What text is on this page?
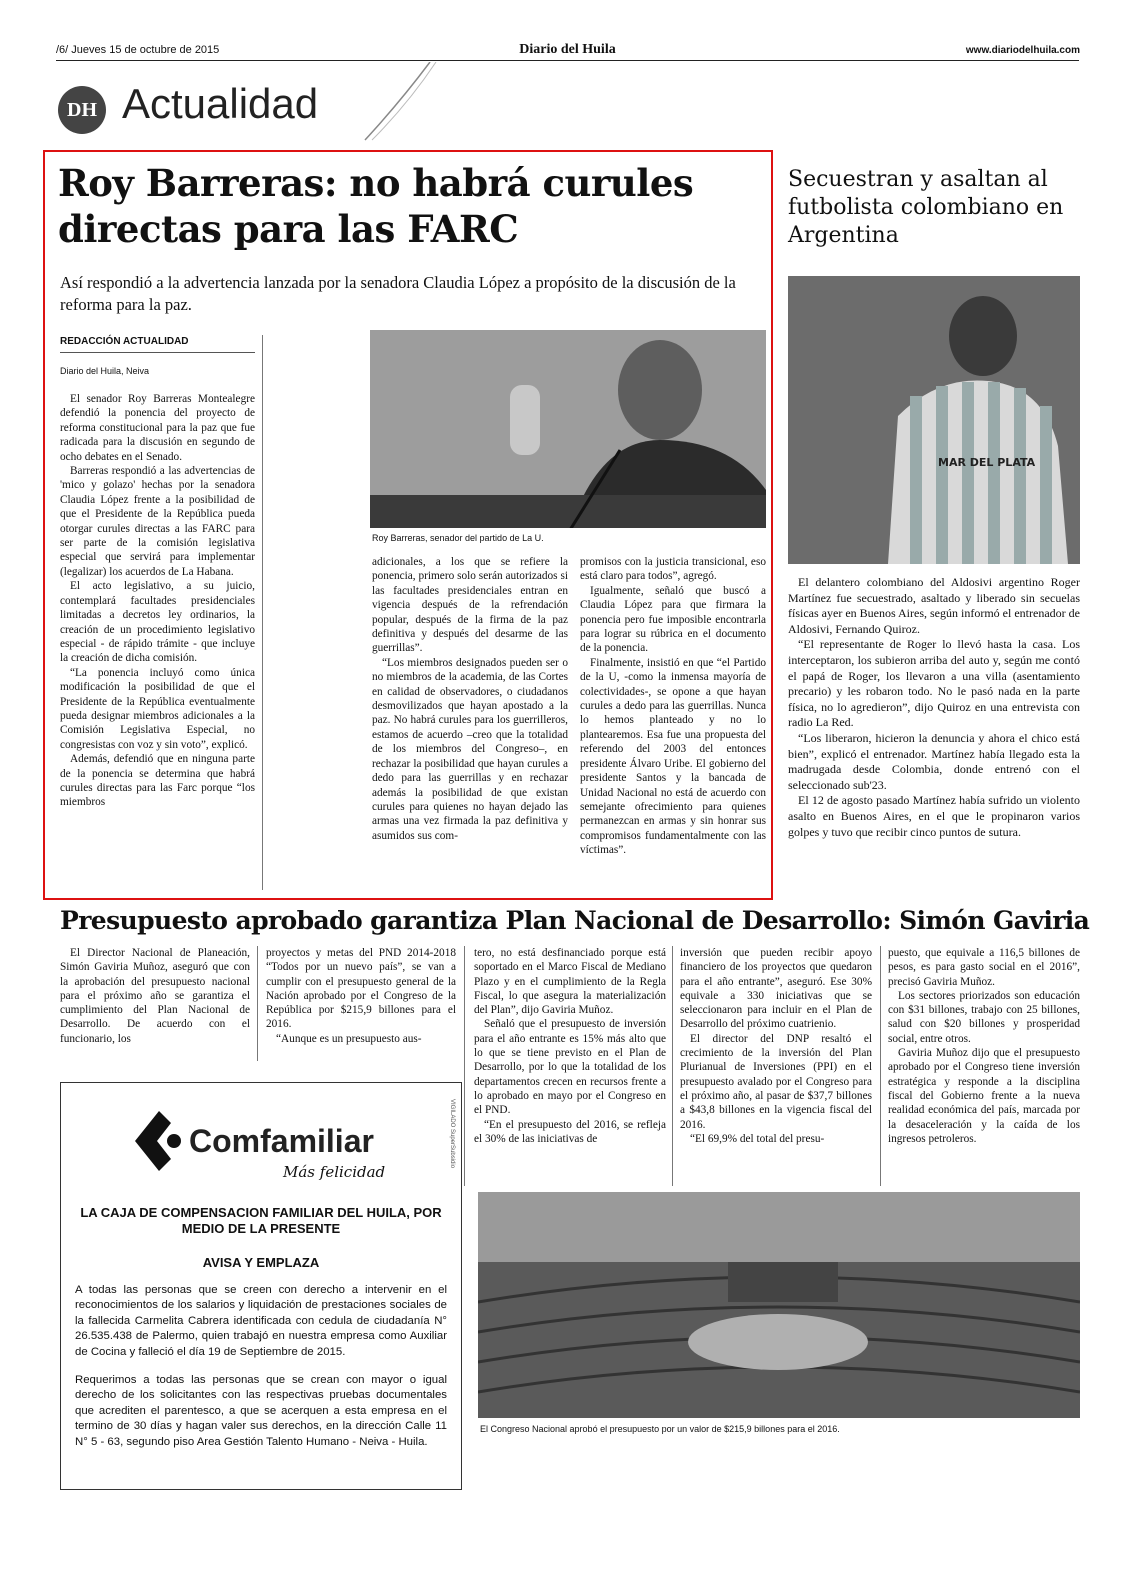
/6/ Jueves 15 de octubre de 2015	Diario del Huila	www.diariodelhuila.com
DH Actualidad
Roy Barreras: no habrá curules directas para las FARC
Así respondió a la advertencia lanzada por la senadora Claudia López a propósito de la discusión de la reforma para la paz.
REDACCIÓN ACTUALIDAD
Diario del Huila, Neiva

El senador Roy Barreras Montealegre defendió la ponencia del proyecto de reforma constitucional para la paz que fue radicada para la discusión en segundo de ocho debates en el Senado.

Barreras respondió a las advertencias de 'mico y golazo' hechas por la senadora Claudia López frente a la posibilidad de que el Presidente de la República pueda otorgar curules directas a las FARC para ser parte de la comisión legislativa especial que servirá para implementar (legalizar) los acuerdos de La Habana.

El acto legislativo, a su juicio, contemplará facultades presidenciales limitadas a decretos ley ordinarios, la creación de un procedimiento legislativo especial - de rápido trámite - que incluye la creación de dicha comisión.

“La ponencia incluyó como única modificación la posibilidad de que el Presidente de la República eventualmente pueda designar miembros adicionales a la Comisión Legislativa Especial, no congresistas con voz y sin voto”, explicó.

Además, defendió que en ninguna parte de la ponencia se determina que habrá curules directas para las Farc porque “los miembros

Roy Barreras, senador del partido de La U.

adicionales, a los que se refiere la ponencia, primero solo serán autorizados si las facultades presidenciales entran en vigencia después de la refrendación popular, después de la firma de la paz definitiva y después del desarme de las guerrillas”.

“Los miembros designados pueden ser o no miembros de la academia, de las Cortes en calidad de observadores, o ciudadanos desmovilizados que hayan apostado a la paz. No habrá curules para los guerrilleros, estamos de acuerdo –creo que la totalidad de los miembros del Congreso–, en rechazar la posibilidad que hayan curules a dedo para las guerrillas y en rechazar además la posibilidad de que existan curules para quienes no hayan dejado las armas una vez firmada la paz definitiva y asumidos sus com-

promisos con la justicia transicional, eso está claro para todos”, agregó.

Igualmente, señaló que buscó a Claudia López para que firmara la ponencia pero fue imposible encontrarla para lograr su rúbrica en el documento de la ponencia.

Finalmente, insistió en que “el Partido de la U, -como la inmensa mayoría de colectividades-, se opone a que hayan curules a dedo para las guerrillas. Nunca lo hemos planteado y no lo plantearemos. Esa fue una propuesta del referendo del 2003 del entonces presidente Álvaro Uribe. El gobierno del presidente Santos y la bancada de Unidad Nacional no está de acuerdo con semejante ofrecimiento para quienes permanezcan en armas y sin honrar sus compromisos fundamentalmente con las víctimas”.

Secuestran y asaltan al futbolista colombiano en Argentina
MAR DEL PLATA

El delantero colombiano del Aldosivi argentino Roger Martínez fue secuestrado, asaltado y liberado sin secuelas físicas ayer en Buenos Aires, según informó el entrenador de Aldosivi, Fernando Quiroz.

“El representante de Roger lo llevó hasta la casa. Los interceptaron, los subieron arriba del auto y, según me contó el papá de Roger, los llevaron a una villa (asentamiento precario) y les robaron todo. No le pasó nada en la parte física, no lo agredieron”, dijo Quiroz en una entrevista con radio La Red.

“Los liberaron, hicieron la denuncia y ahora el chico está bien”, explicó el entrenador. Martínez había llegado esta la madrugada desde Colombia, donde entrenó con el seleccionado sub'23.

El 12 de agosto pasado Martínez había sufrido un violento asalto en Buenos Aires, en el que le propinaron varios golpes y tuvo que recibir cinco puntos de sutura.

Presupuesto aprobado garantiza Plan Nacional de Desarrollo: Simón Gaviria

El Director Nacional de Planeación, Simón Gaviria Muñoz, aseguró que con la aprobación del presupuesto nacional para el próximo año se garantiza el cumplimiento del Plan Nacional de Desarrollo. De acuerdo con el funcionario, los

proyectos y metas del PND 2014-2018 “Todos por un nuevo país”, se van a cumplir con el presupuesto general de la Nación aprobado por el Congreso de la República por $215,9 billones para el 2016.

“Aunque es un presupuesto aus-

tero, no está desfinanciado porque está soportado en el Marco Fiscal de Mediano Plazo y en el cumplimiento de la Regla Fiscal, lo que asegura la materialización del Plan”, dijo Gaviria Muñoz.

Señaló que el presupuesto de inversión para el año entrante es 15% más alto que lo que se tiene previsto en el Plan de Desarrollo, por lo que la totalidad de los departamentos crecen en recursos frente a lo aprobado en mayo por el Congreso en el PND.

“En el presupuesto del 2016, se refleja el 30% de las iniciativas de

inversión que pueden recibir apoyo financiero de los proyectos que quedaron para el año entrante”, aseguró. Ese 30% equivale a 330 iniciativas que se seleccionaron para incluir en el Plan de Desarrollo del próximo cuatrienio.

El director del DNP resaltó el crecimiento de la inversión del Plan Plurianual de Inversiones (PPI) en el presupuesto avalado por el Congreso para el próximo año, al pasar de $37,7 billones a $43,8 billones en la vigencia fiscal del 2016.

“El 69,9% del total del presu-

puesto, que equivale a 116,5 billones de pesos, es para gasto social en el 2016”, precisó Gaviria Muñoz.

Los sectores priorizados son educación con $31 billones, trabajo con 25 billones, salud con $20 billones y prosperidad social, entre otros.

Gaviria Muñoz dijo que el presupuesto aprobado por el Congreso tiene inversión estratégica y responde a la disciplina fiscal del Gobierno frente a la nueva realidad económica del país, marcada por la desaceleración y la caída de los ingresos petroleros.

El Congreso Nacional aprobó el presupuesto por un valor de $215,9 billones para el 2016.
Comfamiliar
Más felicidad
VIGILADO SuperSubsidio
LA CAJA DE COMPENSACION FAMILIAR DEL HUILA, POR MEDIO DE LA PRESENTE
AVISA Y EMPLAZA
A todas las personas que se creen con derecho a intervenir en el reconocimientos de los salarios y liquidación de prestaciones sociales de la fallecida Carmelita Cabrera identificada con cedula de ciudadanía N° 26.535.438 de Palermo, quien trabajó en nuestra empresa como Auxiliar de Cocina y falleció el día 19 de Septiembre de 2015.
Requerimos a todas las personas que se crean con mayor o igual derecho de los solicitantes con las respectivas pruebas documentales que acrediten el parentesco, a que se acerquen a esta empresa en el termino de 30 días y hagan valer sus derechos, en la dirección Calle 11 N° 5 - 63, segundo piso Area Gestión Talento Humano - Neiva - Huila.
